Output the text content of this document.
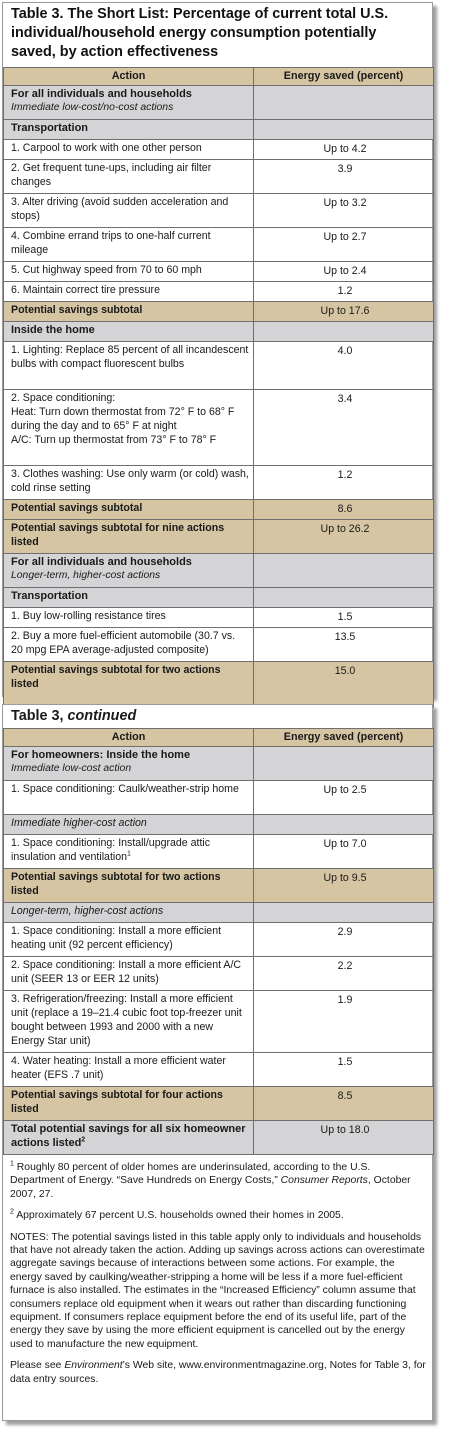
Table 3. The Short List: Percentage of current total U.S. individual/household energy consumption potentially saved, by action effectiveness
Action	Energy saved (percent)

For all individuals and households
Immediate low-cost/no-cost actions	

Transportation	
1. Carpool to work with one other person	Up to 4.2
2. Get frequent tune-ups, including air filter changes	3.9
3. Alter driving (avoid sudden acceleration and stops)	Up to 3.2
4. Combine errand trips to one-half current mileage	Up to 2.7
5. Cut highway speed from 70 to 60 mph	Up to 2.4
6. Maintain correct tire pressure	1.2
Potential savings subtotal	Up to 17.6
Inside the home	
1. Lighting: Replace 85 percent of all incandescent bulbs with compact fluorescent bulbs	4.0

2. Space conditioning:
Heat: Turn down thermostat from 72° F to 68° F during the day and to 65° F at night
A/C: Turn up thermostat from 73° F to 78° F	3.4
3. Clothes washing: Use only warm (or cold) wash, cold rinse setting	1.2
Potential savings subtotal	8.6
Potential savings subtotal for nine actions listed	Up to 26.2

For all individuals and households
Longer-term, higher-cost actions	

Transportation	
1. Buy low-rolling resistance tires	1.5
2. Buy a more fuel-efficient automobile (30.7 vs. 20 mpg EPA average-adjusted composite)	13.5
Potential savings subtotal for two actions listed	15.0
Table 3, continued
Action	Energy saved (percent)

For homeowners: Inside the home
Immediate low-cost action	

1. Space conditioning: Caulk/weather-strip home	Up to 2.5
Immediate higher-cost action	
1. Space conditioning: Install/upgrade attic insulation and ventilation$^1$	Up to 7.0
Potential savings subtotal for two actions listed	Up to 9.5
Longer-term, higher-cost actions	
1. Space conditioning: Install a more efficient heating unit (92 percent efficiency)	2.9
2. Space conditioning: Install a more efficient A/C unit (SEER 13 or EER 12 units)	2.2
3. Refrigeration/freezing: Install a more efficient unit (replace a 19–21.4 cubic foot top-freezer unit bought between 1993 and 2000 with a new Energy Star unit)	1.9
4. Water heating: Install a more efficient water heater (EFS .7 unit)	1.5
Potential savings subtotal for four actions listed	8.5
Total potential savings for all six homeowner actions listed$^2$	Up to 18.0

$^1$ Roughly 80 percent of older homes are underinsulated, according to the U.S. Department of Energy. “Save Hundreds on Energy Costs,” Consumer Reports, October 2007, 27.

$^2$ Approximately 67 percent U.S. households owned their homes in 2005.

NOTES: The potential savings listed in this table apply only to individuals and households that have not already taken the action. Adding up savings across actions can overestimate aggregate savings because of interactions between some actions. For example, the energy saved by caulking/weather-stripping a home will be less if a more fuel-efficient furnace is also installed. The estimates in the “Increased Efficiency” column assume that consumers replace old equipment when it wears out rather than discarding functioning equipment. If consumers replace equipment before the end of its useful life, part of the energy they save by using the more efficient equipment is cancelled out by the energy used to manufacture the new equipment.

Please see Environment’s Web site, www.environmentmagazine.org, Notes for Table 3, for data entry sources.
